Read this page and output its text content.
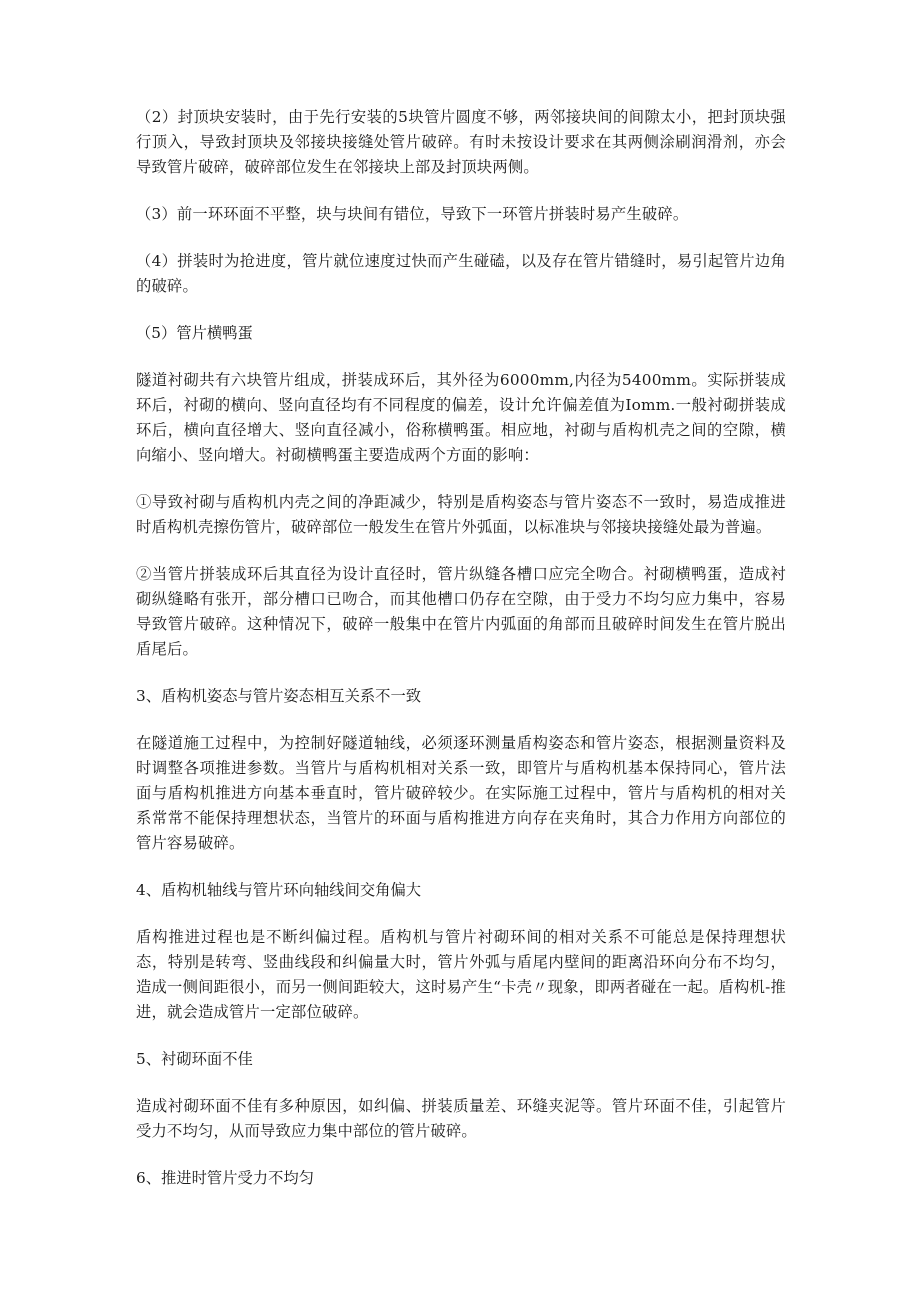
（2）封顶块安装时，由于先行安装的5块管片圆度不够，两邻接块间的间隙太小，把封顶块强行顶入，导致封顶块及邻接块接缝处管片破碎。有时未按设计要求在其两侧涂刷润滑剂，亦会导致管片破碎，破碎部位发生在邻接块上部及封顶块两侧。

（3）前一环环面不平整，块与块间有错位，导致下一环管片拼装时易产生破碎。

（4）拼装时为抢进度，管片就位速度过快而产生碰磕，以及存在管片错缝时，易引起管片边角的破碎。

（5）管片横鸭蛋

隧道衬砌共有六块管片组成，拼装成环后，其外径为6000mm,内径为5400mm。实际拼装成环后，衬砌的横向、竖向直径均有不同程度的偏差，设计允许偏差值为Iomm.一般衬砌拼装成环后，横向直径增大、竖向直径减小，俗称横鸭蛋。相应地，衬砌与盾构机壳之间的空隙，横向缩小、竖向增大。衬砌横鸭蛋主要造成两个方面的影响：

①导致衬砌与盾构机内壳之间的净距减少，特别是盾构姿态与管片姿态不一致时，易造成推进时盾构机壳擦伤管片，破碎部位一般发生在管片外弧面，以标准块与邻接块接缝处最为普遍。

②当管片拼装成环后其直径为设计直径时，管片纵缝各槽口应完全吻合。衬砌横鸭蛋，造成衬砌纵缝略有张开，部分槽口已吻合，而其他槽口仍存在空隙，由于受力不均匀应力集中，容易导致管片破碎。这种情况下，破碎一般集中在管片内弧面的角部而且破碎时间发生在管片脱出盾尾后。

3、盾构机姿态与管片姿态相互关系不一致

在隧道施工过程中，为控制好隧道轴线，必须逐环测量盾构姿态和管片姿态，根据测量资料及时调整各项推进参数。当管片与盾构机相对关系一致，即管片与盾构机基本保持同心，管片法面与盾构机推进方向基本垂直时，管片破碎较少。在实际施工过程中，管片与盾构机的相对关系常常不能保持理想状态，当管片的环面与盾构推进方向存在夹角时，其合力作用方向部位的管片容易破碎。

4、盾构机轴线与管片环向轴线间交角偏大

盾构推进过程也是不断纠偏过程。盾构机与管片衬砌环间的相对关系不可能总是保持理想状态，特别是转弯、竖曲线段和纠偏量大时，管片外弧与盾尾内壁间的距离沿环向分布不均匀，造成一侧间距很小，而另一侧间距较大，这时易产生“卡壳〃现象，即两者碰在一起。盾构机-推进，就会造成管片一定部位破碎。

5、衬砌环面不佳

造成衬砌环面不佳有多种原因，如纠偏、拼装质量差、环缝夹泥等。管片环面不佳，引起管片受力不均匀，从而导致应力集中部位的管片破碎。

6、推进时管片受力不均匀
